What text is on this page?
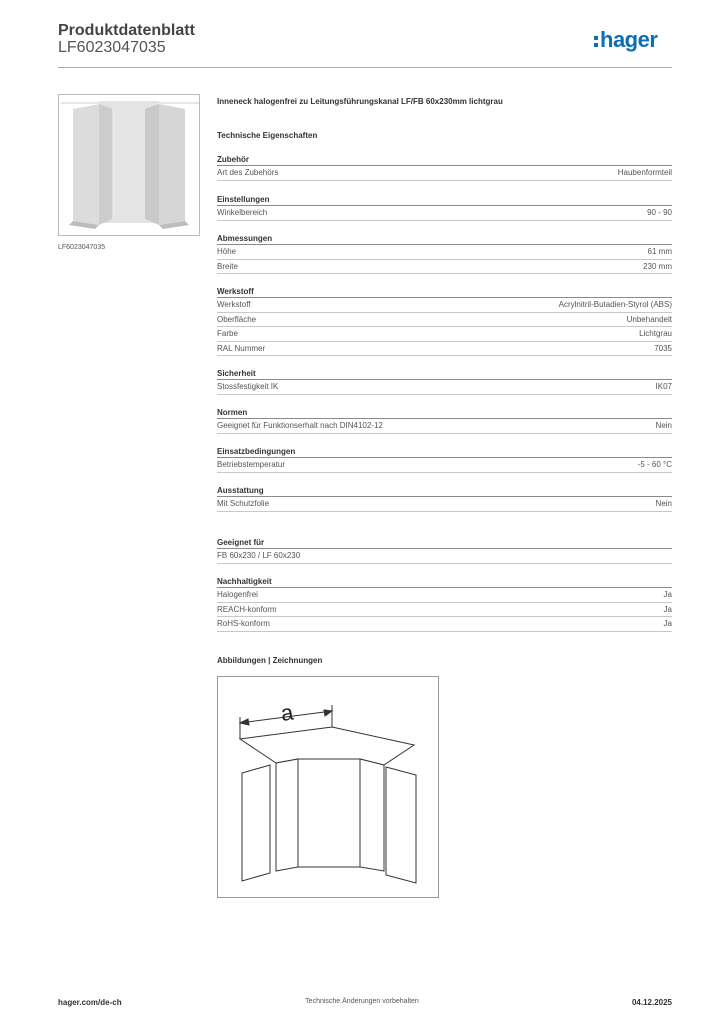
Produktdatenblatt
LF6023047035	hager
LF6023047035
Inneneck halogenfrei zu Leitungsführungskanal LF/FB 60x230mm lichtgrau
Technische Eigenschaften
Zubehör
Art des Zubehörs	Haubenformteil
Einstellungen
Winkelbereich	90 - 90
Abmessungen
Höhe	61 mm
Breite	230 mm
Werkstoff
Werkstoff	Acrylnitril-Butadien-Styrol (ABS)
Oberfläche	Unbehandelt
Farbe	Lichtgrau
RAL Nummer	7035
Sicherheit
Stossfestigkeit IK	IK07
Normen
Geeignet für Funktionserhalt nach DIN4102-12	Nein
Einsatzbedingungen
Betriebstemperatur	-5 - 60 °C
Ausstattung
Mit Schutzfolie	Nein
Geeignet für
FB 60x230 / LF 60x230
Nachhaltigkeit
Halogenfrei	Ja
REACH-konform	Ja
RoHS-konform	Ja
Abbildungen | Zeichnungen
a
hager.com/de-ch	Technische Änderungen vorbehalten	04.12.2025
